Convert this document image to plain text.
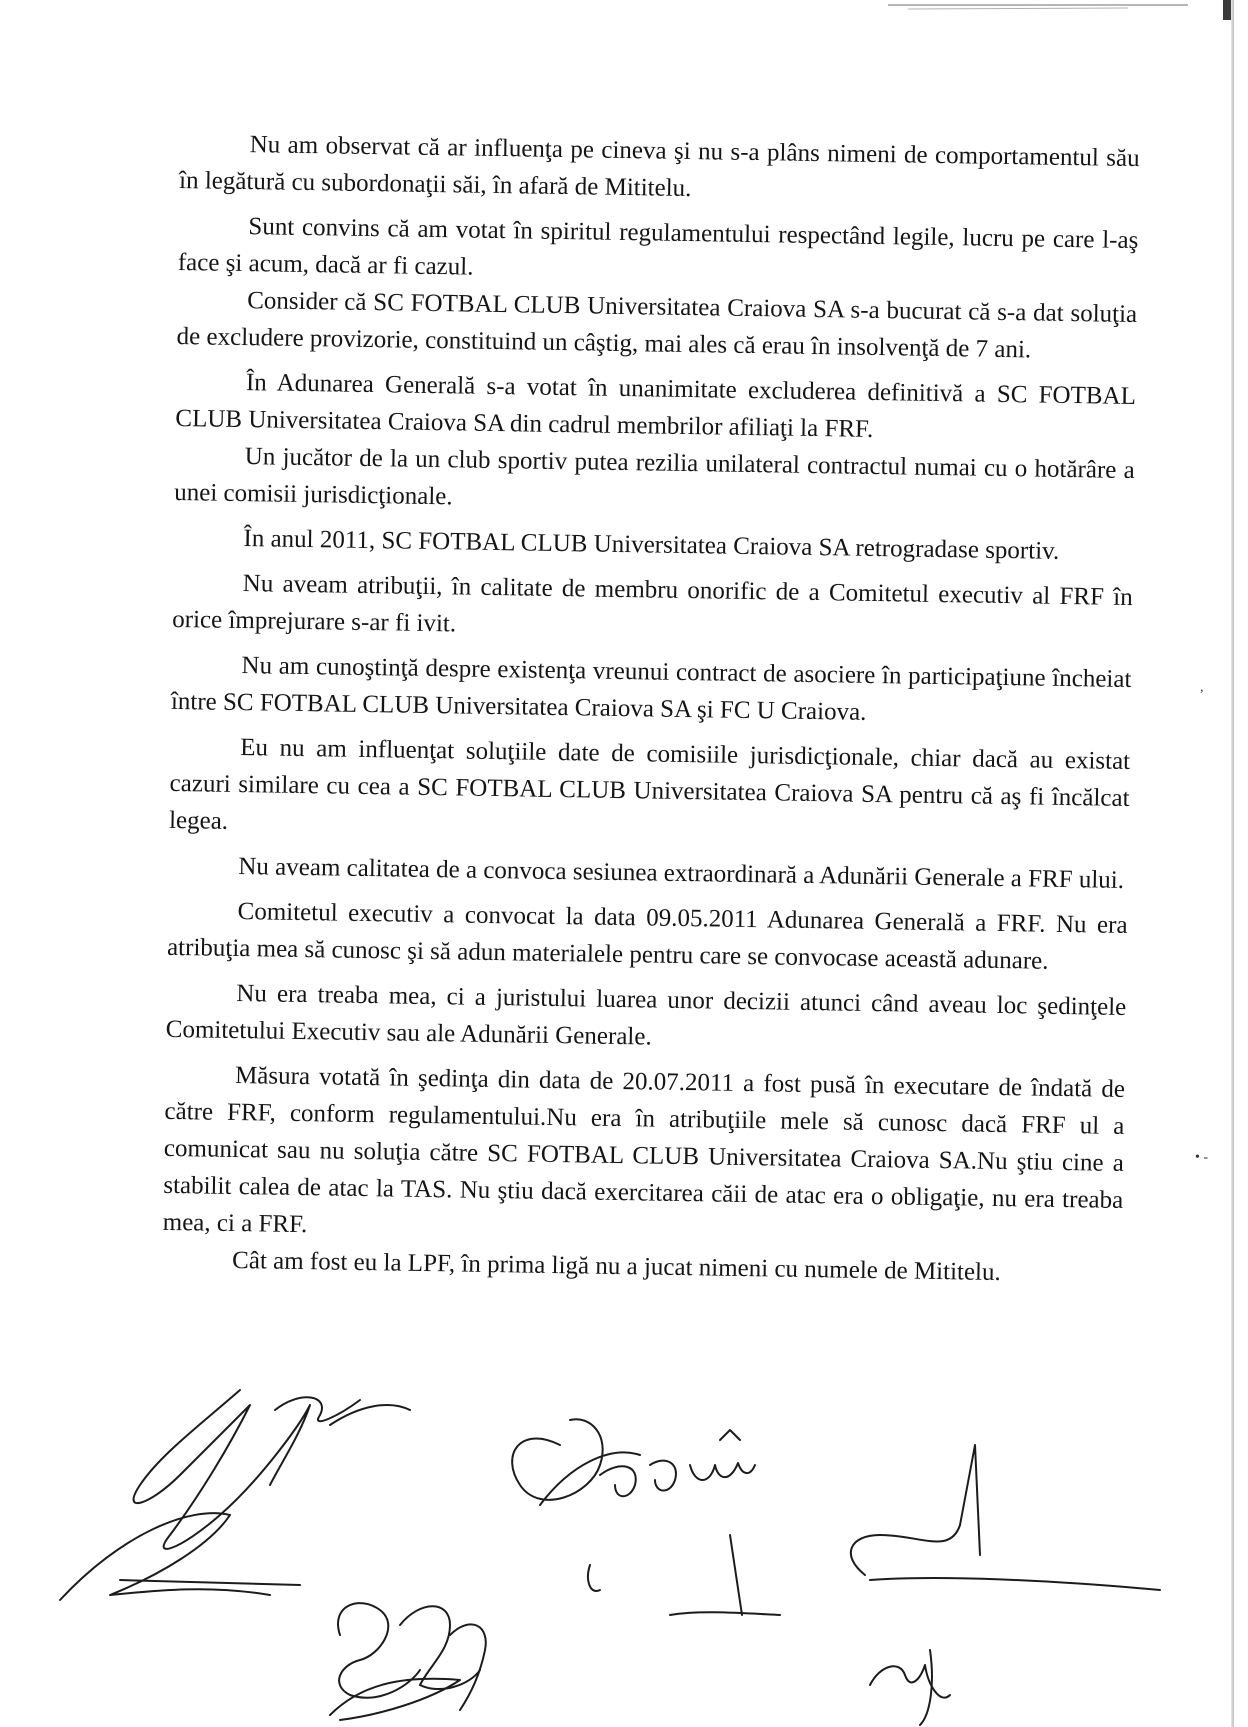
Nu am observat că ar influenţa pe cineva şi nu s-a plâns nimeni de comportamentul său în legătură cu subordonaţii săi, în afară de Mititelu.

Sunt convins că am votat în spiritul regulamentului respectând legile, lucru pe care l-aş face şi acum, dacă ar fi cazul.

Consider că SC FOTBAL CLUB Universitatea Craiova SA s-a bucurat că s-a dat soluţia de excludere provizorie, constituind un câştig, mai ales că erau în insolvenţă de 7 ani.

În Adunarea Generală s-a votat în unanimitate excluderea definitivă a SC FOTBAL CLUB Universitatea Craiova SA din cadrul membrilor afiliaţi la FRF.

Un jucător de la un club sportiv putea rezilia unilateral contractul numai cu o hotărâre a unei comisii jurisdicţionale.

În anul 2011, SC FOTBAL CLUB Universitatea Craiova SA retrogradase sportiv.

Nu aveam atribuţii, în calitate de membru onorific de a Comitetul executiv al FRF în orice împrejurare s-ar fi ivit.

Nu am cunoştinţă despre existenţa vreunui contract de asociere în participaţiune încheiat între SC FOTBAL CLUB Universitatea Craiova SA şi FC U Craiova.

Eu nu am influenţat soluţiile date de comisiile jurisdicţionale, chiar dacă au existat cazuri similare cu cea a SC FOTBAL CLUB Universitatea Craiova SA pentru că aş fi încălcat legea.

Nu aveam calitatea de a convoca sesiunea extraordinară a Adunării Generale a FRF ului.

Comitetul executiv a convocat la data 09.05.2011 Adunarea Generală a FRF. Nu era atribuţia mea să cunosc şi să adun materialele pentru care se convocase această adunare.

Nu era treaba mea, ci a juristului luarea unor decizii atunci când aveau loc şedinţele Comitetului Executiv sau ale Adunării Generale.

Măsura votată în şedinţa din data de 20.07.2011 a fost pusă în executare de îndată de către FRF, conform regulamentului.Nu era în atribuţiile mele să cunosc dacă FRF ul a comunicat sau nu soluţia către SC FOTBAL CLUB Universitatea Craiova SA.Nu ştiu cine a stabilit calea de atac la TAS. Nu ştiu dacă exercitarea căii de atac era o obligaţie, nu era treaba mea, ci a FRF.

Cât am fost eu la LPF, în prima ligă nu a jucat nimeni cu numele de Mititelu.

,
• -
